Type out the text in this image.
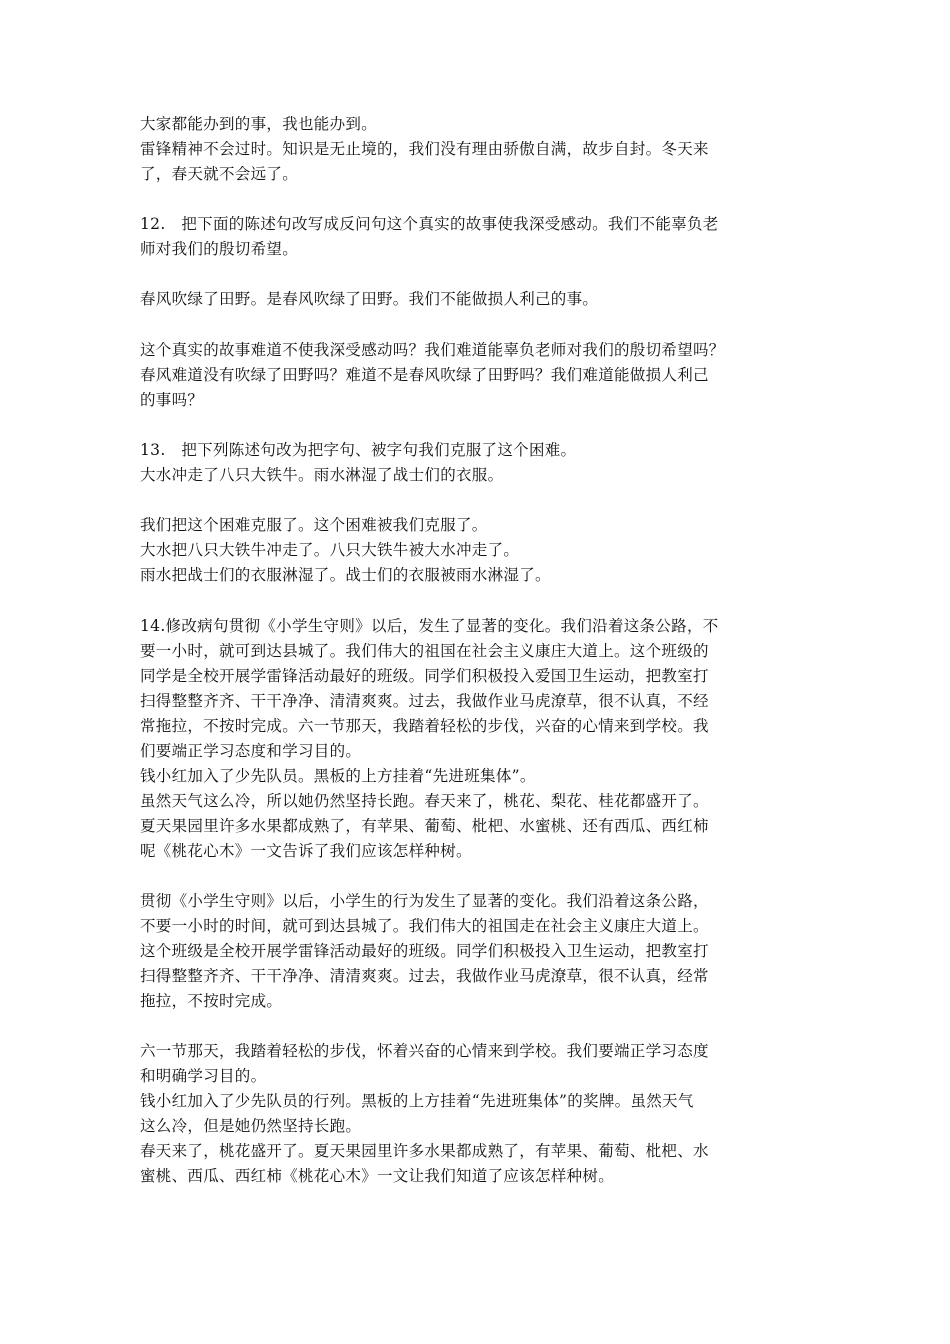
大家都能办到的事，我也能办到。
雷锋精神不会过时。知识是无止境的，我们没有理由骄傲自满，故步自封。冬天来
了，春天就不会远了。
12.　把下面的陈述句改写成反问句这个真实的故事使我深受感动。我们不能辜负老
师对我们的殷切希望。
春风吹绿了田野。是春风吹绿了田野。我们不能做损人利己的事。
这个真实的故事难道不使我深受感动吗？我们难道能辜负老师对我们的殷切希望吗？
春风难道没有吹绿了田野吗？难道不是春风吹绿了田野吗？我们难道能做损人利己
的事吗？
13.　把下列陈述句改为把字句、被字句我们克服了这个困难。
大水冲走了八只大铁牛。雨水淋湿了战士们的衣服。
我们把这个困难克服了。这个困难被我们克服了。
大水把八只大铁牛冲走了。八只大铁牛被大水冲走了。
雨水把战士们的衣服淋湿了。战士们的衣服被雨水淋湿了。
14.修改病句贯彻《小学生守则》以后，发生了显著的变化。我们沿着这条公路，不
要一小时，就可到达县城了。我们伟大的祖国在社会主义康庄大道上。这个班级的
同学是全校开展学雷锋活动最好的班级。同学们积极投入爱国卫生运动，把教室打
扫得整整齐齐、干干净净、清清爽爽。过去，我做作业马虎潦草，很不认真，不经
常拖拉，不按时完成。六一节那天，我踏着轻松的步伐，兴奋的心情来到学校。我
们要端正学习态度和学习目的。
钱小红加入了少先队员。黑板的上方挂着“先进班集体”。
虽然天气这么冷，所以她仍然坚持长跑。春天来了，桃花、梨花、桂花都盛开了。
夏天果园里许多水果都成熟了，有苹果、葡萄、枇杷、水蜜桃、还有西瓜、西红柿
呢《桃花心木》一文告诉了我们应该怎样种树。
贯彻《小学生守则》以后，小学生的行为发生了显著的变化。我们沿着这条公路，
不要一小时的时间，就可到达县城了。我们伟大的祖国走在社会主义康庄大道上。
这个班级是全校开展学雷锋活动最好的班级。同学们积极投入卫生运动，把教室打
扫得整整齐齐、干干净净、清清爽爽。过去，我做作业马虎潦草，很不认真，经常
拖拉，不按时完成。
六一节那天，我踏着轻松的步伐，怀着兴奋的心情来到学校。我们要端正学习态度
和明确学习目的。
钱小红加入了少先队员的行列。黑板的上方挂着“先进班集体”的奖牌。虽然天气
这么冷，但是她仍然坚持长跑。
春天来了，桃花盛开了。夏天果园里许多水果都成熟了，有苹果、葡萄、枇杷、水
蜜桃、西瓜、西红柿《桃花心木》一文让我们知道了应该怎样种树。
